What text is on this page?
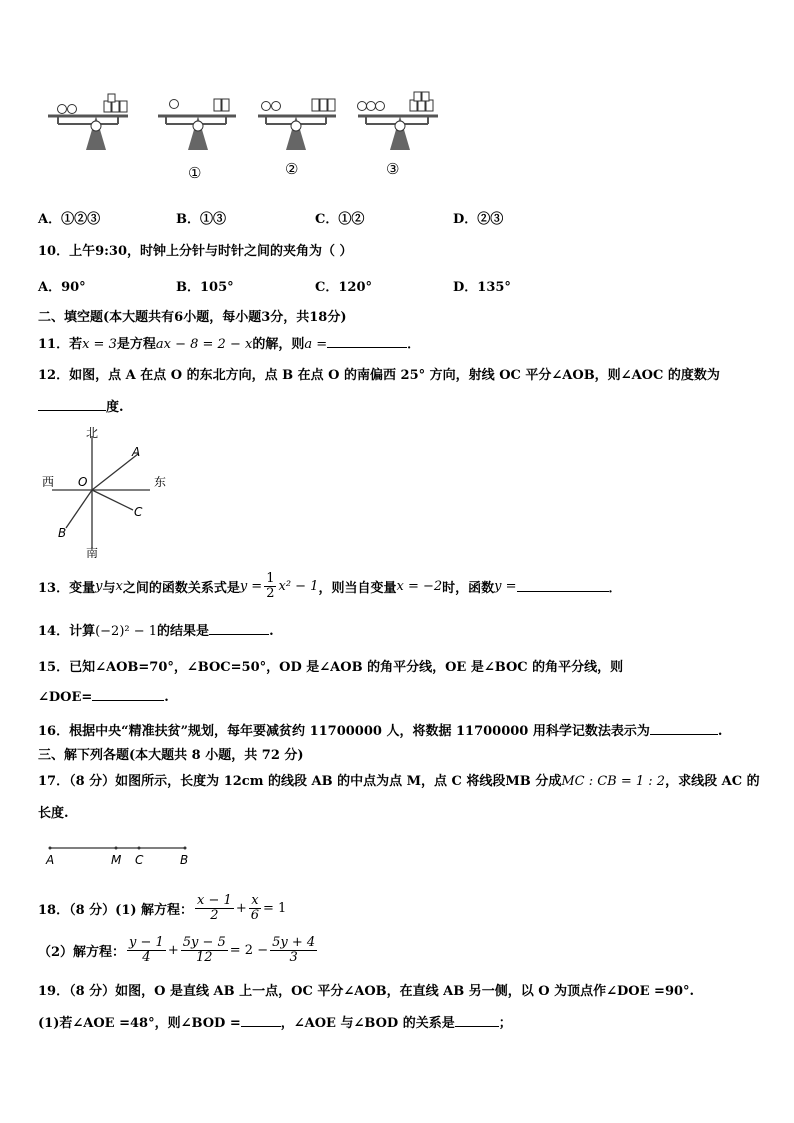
①	②	③
A．①②③	B．①③	C．①②	D．②③
10．上午9:30，时钟上分针与时针之间的夹角为（ ）
A．90°	B．105°	C．120°	D．135°
二、填空题(本大题共有6小题，每小题3分，共18分)
11．若x = 3是方程ax − 8 = 2 − x的解，则a =	．
12．如图，点 A 在点 O 的东北方向，点 B 在点 O 的南偏西 25° 方向，射线 OC 平分∠AOB，则∠AOC 的度数为
度.
北
南
西	东
O
A
C
B
13．变量 y 与 x 之间的函数关系式是 $y = \frac{1}{2} x^2 - 1$ ，则当自变量 x = −2 时，函数 y =	．
14．计算(−2)² − 1的结果是	.
15．已知∠AOB=70°，∠BOC=50°，OD 是∠AOB 的角平分线，OE 是∠BOC 的角平分线，则
∠DOE=	.
16．根据中央“精准扶贫”规划，每年要减贫约 11700000 人，将数据 11700000 用科学记数法表示为	.
三、解下列各题(本大题共 8 小题，共 72 分)
17．（8 分）如图所示，长度为 12cm 的线段 AB 的中点为点 M，点 C 将线段MB 分成MC : CB = 1 : 2，求线段 AC 的
长度.
A	M C	B
18．（8 分）(1) 解方程： $\frac{x - 1}{2} + \frac{x}{6} = 1$
（2）解方程： $\frac{y - 1}{4} + \frac{5y - 5}{12} = 2 - \frac{5y + 4}{3}$
19．（8 分）如图，O 是直线 AB 上一点，OC 平分∠AOB，在直线 AB 另一侧，以 O 为顶点作∠DOE =90°.
(1)若∠AOE =48°，则∠BOD =	，∠AOE 与∠BOD 的关系是	；
